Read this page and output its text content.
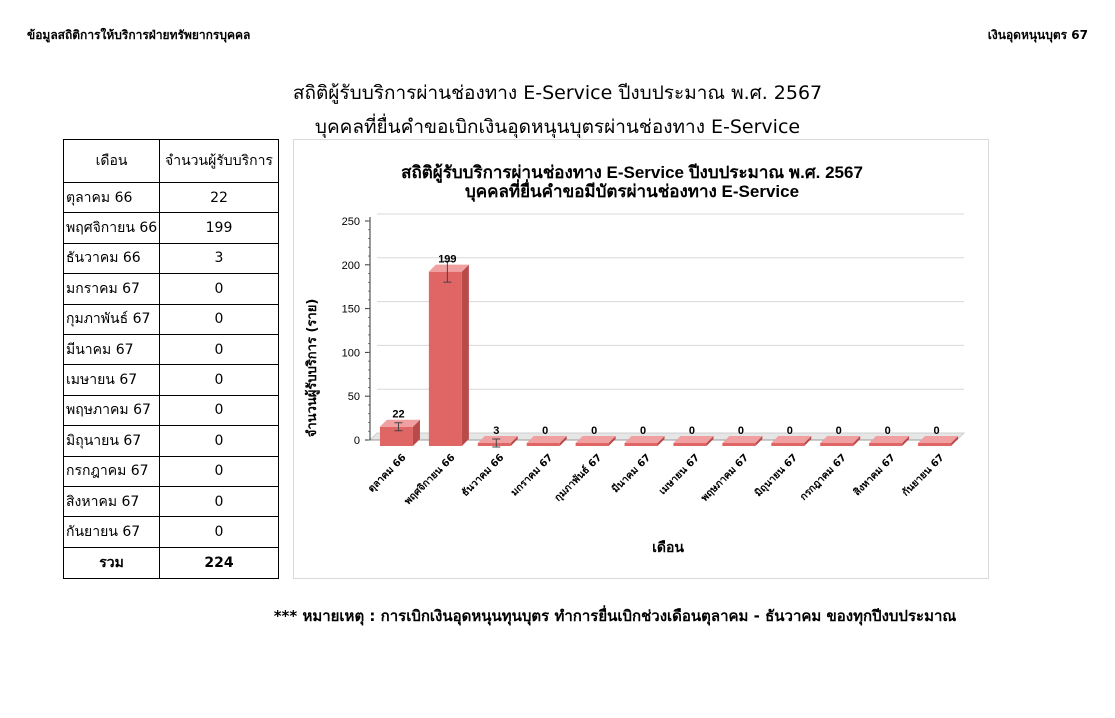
ข้อมูลสถิติการให้บริการฝ่ายทรัพยากรบุคคล	เงินอุดหนุนบุตร 67
สถิติผู้รับบริการผ่านช่องทาง E-Service ปีงบประมาณ พ.ศ. 2567
บุคคลที่ยื่นคำขอเบิกเงินอุดหนุนบุตรผ่านช่องทาง E-Service
เดือน	จำนวนผู้รับบริการ
ตุลาคม 66	22
พฤศจิกายน 66	199
ธันวาคม 66	3
มกราคม 67	0
กุมภาพันธ์ 67	0
มีนาคม 67	0
เมษายน 67	0
พฤษภาคม 67	0
มิถุนายน 67	0
กรกฎาคม 67	0
สิงหาคม 67	0
กันยายน 67	0
รวม	224
0
50
100
150
200
250
22
ตุลาคม 66
199
พฤศจิกายน 66
3
ธันวาคม 66
0
มกราคม 67
0
กุมภาพันธ์ 67
0
มีนาคม 67
0
เมษายน 67
0
พฤษภาคม 67
0
มิถุนายน 67
0
กรกฎาคม 67
0
สิงหาคม 67
0
กันยายน 67
สถิติผู้รับบริการผ่านช่องทาง E-Service ปีงบประมาณ พ.ศ. 2567
บุคคลที่ยื่นคำขอมีบัตรผ่านช่องทาง E-Service
จำนวนผู้รับบริการ (ราย)
เดือน
*** หมายเหตุ : การเบิกเงินอุดหนุนทุนบุตร ทำการยื่นเบิกช่วงเดือนตุลาคม - ธันวาคม ของทุกปีงบประมาณ
